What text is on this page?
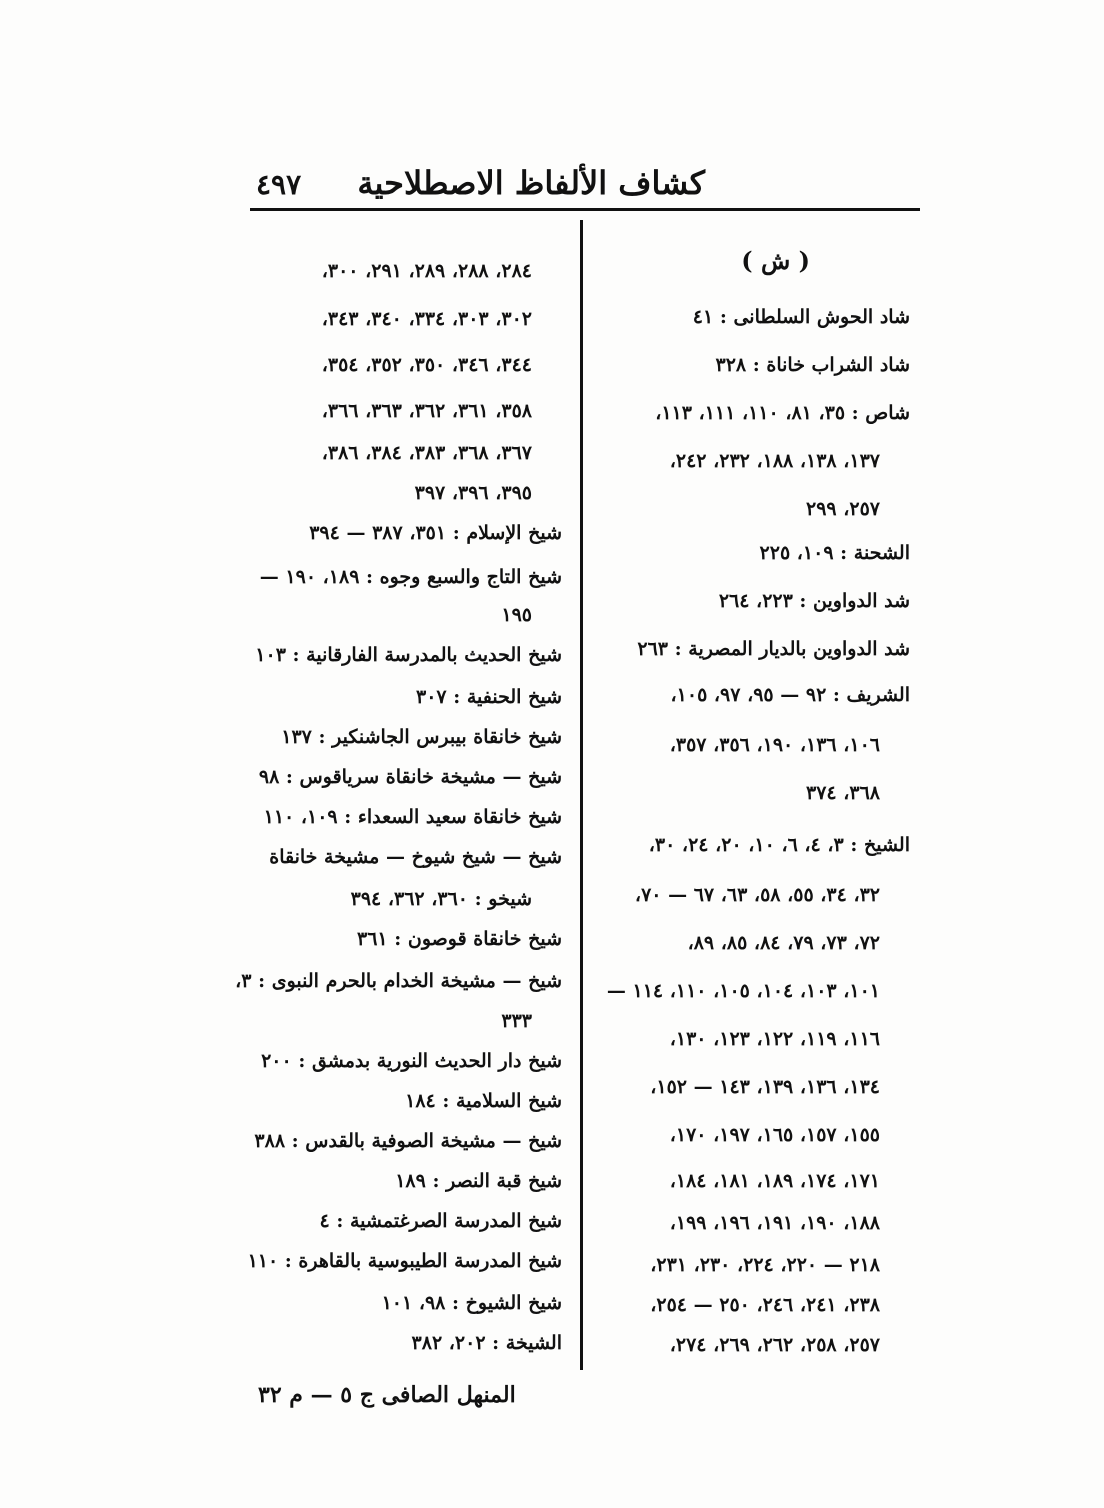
٤٩٧ كشاف الألفاظ الاصطلاحية
( ش )
شاد الحوش السلطانى : ٤١
شاد الشراب خاناة : ٣٢٨
شاص : ٣٥، ٨١، ١١٠، ١١١، ١١٣،
١٣٧، ١٣٨، ١٨٨، ٢٣٢، ٢٤٢،
٢٥٧، ٢٩٩
الشحنة : ١٠٩، ٢٢٥
شد الدواوين : ٢٢٣، ٢٦٤
شد الدواوين بالديار المصرية : ٢٦٣
الشريف : ٩٢ — ٩٥، ٩٧، ١٠٥،
١٠٦، ١٣٦، ١٩٠، ٣٥٦، ٣٥٧،
٣٦٨، ٣٧٤
الشيخ : ٣، ٤، ٦، ١٠، ٢٠، ٢٤، ٣٠،
٣٢، ٣٤، ٥٥، ٥٨، ٦٣، ٦٧ — ٧٠،
٧٢، ٧٣، ٧٩، ٨٤، ٨٥، ٨٩،
١٠١، ١٠٣، ١٠٤، ١٠٥، ١١٠، ١١٤ —
١١٦، ١١٩، ١٢٢، ١٢٣، ١٣٠،
١٣٤، ١٣٦، ١٣٩، ١٤٣ — ١٥٢،
١٥٥، ١٥٧، ١٦٥، ١٩٧، ١٧٠،
١٧١، ١٧٤، ١٨٩، ١٨١، ١٨٤،
١٨٨، ١٩٠، ١٩١، ١٩٦، ١٩٩،
٢١٨ — ٢٢٠، ٢٢٤، ٢٣٠، ٢٣١،
٢٣٨، ٢٤١، ٢٤٦، ٢٥٠ — ٢٥٤،
٢٥٧، ٢٥٨، ٢٦٢، ٢٦٩، ٢٧٤،
٢٨٤، ٢٨٨، ٢٨٩، ٢٩١، ٣٠٠،
٣٠٢، ٣٠٣، ٣٣٤، ٣٤٠، ٣٤٣،
٣٤٤، ٣٤٦، ٣٥٠، ٣٥٢، ٣٥٤،
٣٥٨، ٣٦١، ٣٦٢، ٣٦٣، ٣٦٦،
٣٦٧، ٣٦٨، ٣٨٣، ٣٨٤، ٣٨٦،
٣٩٥، ٣٩٦، ٣٩٧
شيخ الإسلام : ٣٥١، ٣٨٧ — ٣٩٤
شيخ التاج والسبع وجوه : ١٨٩، ١٩٠ —
١٩٥
شيخ الحديث بالمدرسة الفارقانية : ١٠٣
شيخ الحنفية : ٣٠٧
شيخ خانقاة بيبرس الجاشنكير : ١٣٧
شيخ — مشيخة خانقاة سرياقوس : ٩٨
شيخ خانقاة سعيد السعداء : ١٠٩، ١١٠
شيخ — شيخ شيوخ — مشيخة خانقاة
شيخو : ٣٦٠، ٣٦٢، ٣٩٤
شيخ خانقاة قوصون : ٣٦١
شيخ — مشيخة الخدام بالحرم النبوى : ٣،
٣٣٣
شيخ دار الحديث النورية بدمشق : ٢٠٠
شيخ السلامية : ١٨٤
شيخ — مشيخة الصوفية بالقدس : ٣٨٨
شيخ قبة النصر : ١٨٩
شيخ المدرسة الصرغتمشية : ٤
شيخ المدرسة الطيبوسية بالقاهرة : ١١٠
شيخ الشيوخ : ٩٨، ١٠١
الشيخة : ٢٠٢، ٣٨٢
المنهل الصافى ج ٥ — م ٣٢
